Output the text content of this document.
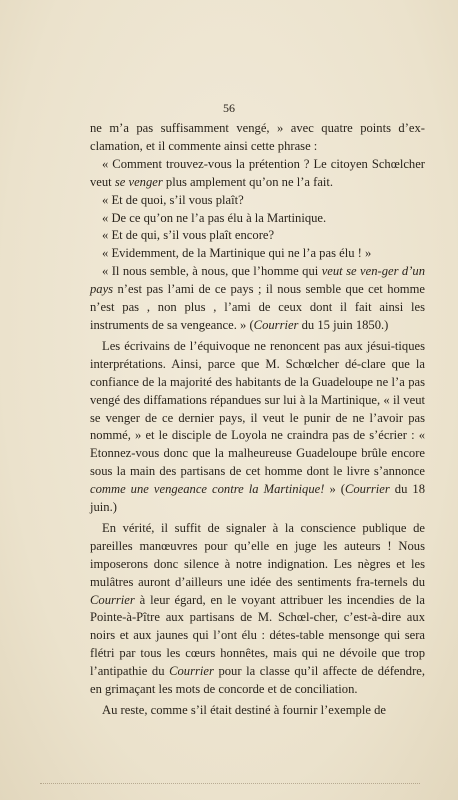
56

ne m’a pas suffisamment vengé, » avec quatre points d’ex-clamation, et il commente ainsi cette phrase :

« Comment trouvez-vous la prétention ? Le citoyen Schœlcher veut se venger plus amplement qu’on ne l’a fait.

« Et de quoi, s’il vous plaît?

« De ce qu’on ne l’a pas élu à la Martinique.

« Et de qui, s’il vous plaît encore?

« Evidemment, de la Martinique qui ne l’a pas élu ! »

« Il nous semble, à nous, que l’homme qui veut se ven-ger d’un pays n’est pas l’ami de ce pays ; il nous semble que cet homme n’est pas , non plus , l’ami de ceux dont il fait ainsi les instruments de sa vengeance. » (Courrier du 15 juin 1850.)

Les écrivains de l’équivoque ne renoncent pas aux jésui-tiques interprétations. Ainsi, parce que M. Schœlcher dé-clare que la confiance de la majorité des habitants de la Guadeloupe ne l’a pas vengé des diffamations répandues sur lui à la Martinique, « il veut se venger de ce dernier pays, il veut le punir de ne l’avoir pas nommé, » et le disciple de Loyola ne craindra pas de s’écrier : « Etonnez-vous donc que la malheureuse Guadeloupe brûle encore sous la main des partisans de cet homme dont le livre s’annonce comme une vengeance contre la Martinique! » (Courrier du 18 juin.)

En vérité, il suffit de signaler à la conscience publique de pareilles manœuvres pour qu’elle en juge les auteurs ! Nous imposerons donc silence à notre indignation. Les nègres et les mulâtres auront d’ailleurs une idée des sentiments fra-ternels du Courrier à leur égard, en le voyant attribuer les incendies de la Pointe-à-Pître aux partisans de M. Schœl-cher, c’est-à-dire aux noirs et aux jaunes qui l’ont élu : détes-table mensonge qui sera flétri par tous les cœurs honnêtes, mais qui ne dévoile que trop l’antipathie du Courrier pour la classe qu’il affecte de défendre, en grimaçant les mots de concorde et de conciliation.

Au reste, comme s’il était destiné à fournir l’exemple de
